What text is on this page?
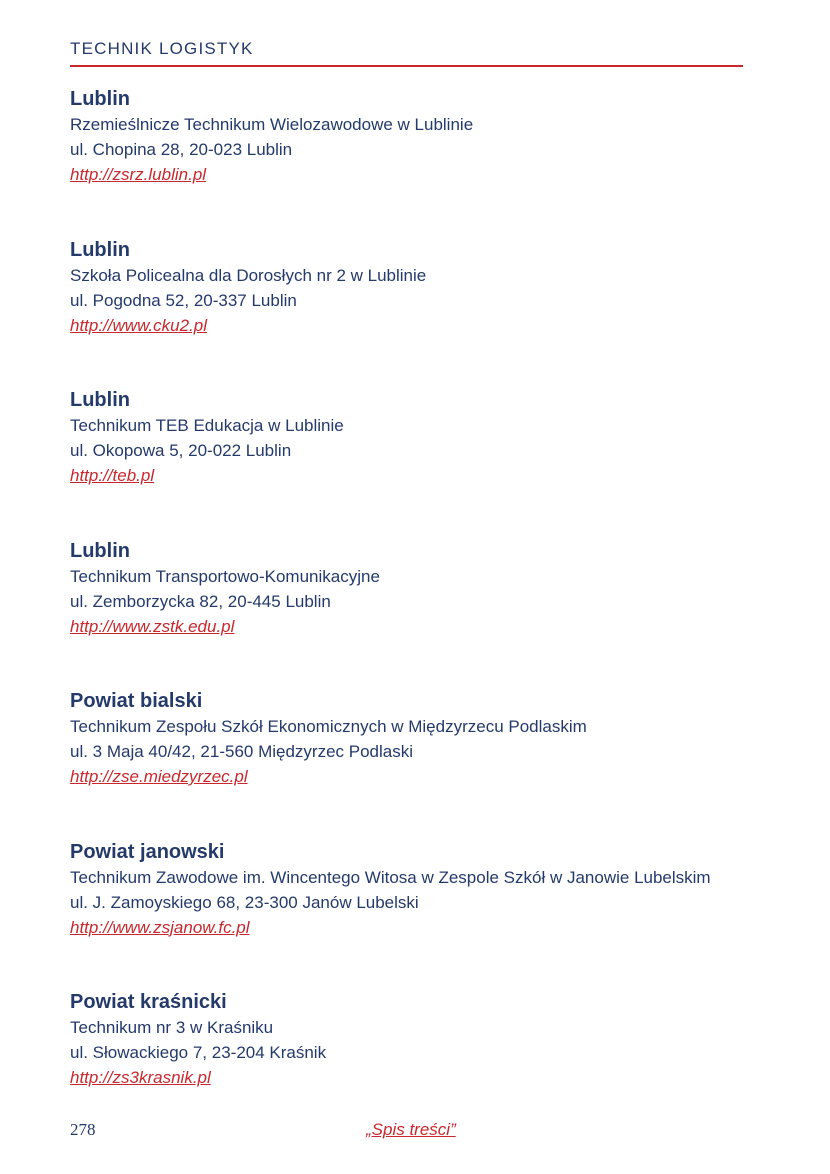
TECHNIK LOGISTYK

Lublin
Rzemieślnicze Technikum Wielozawodowe w Lublinie
ul. Chopina 28, 20-023 Lublin
http://zsrz.lublin.pl
Lublin
Szkoła Policealna dla Dorosłych nr 2 w Lublinie
ul. Pogodna 52, 20-337 Lublin
http://www.cku2.pl
Lublin
Technikum TEB Edukacja w Lublinie
ul. Okopowa 5, 20-022 Lublin
http://teb.pl
Lublin
Technikum Transportowo-Komunikacyjne
ul. Zemborzycka 82, 20-445 Lublin
http://www.zstk.edu.pl
Powiat bialski
Technikum Zespołu Szkół Ekonomicznych w Międzyrzecu Podlaskim
ul. 3 Maja 40/42, 21-560 Międzyrzec Podlaski
http://zse.miedzyrzec.pl
Powiat janowski
Technikum Zawodowe im. Wincentego Witosa w Zespole Szkół w Janowie Lubelskim
ul. J. Zamoyskiego 68, 23-300 Janów Lubelski
http://www.zsjanow.fc.pl
Powiat kraśnicki
Technikum nr 3 w Kraśniku
ul. Słowackiego 7, 23-204 Kraśnik
http://zs3krasnik.pl
278	„Spis treści”
